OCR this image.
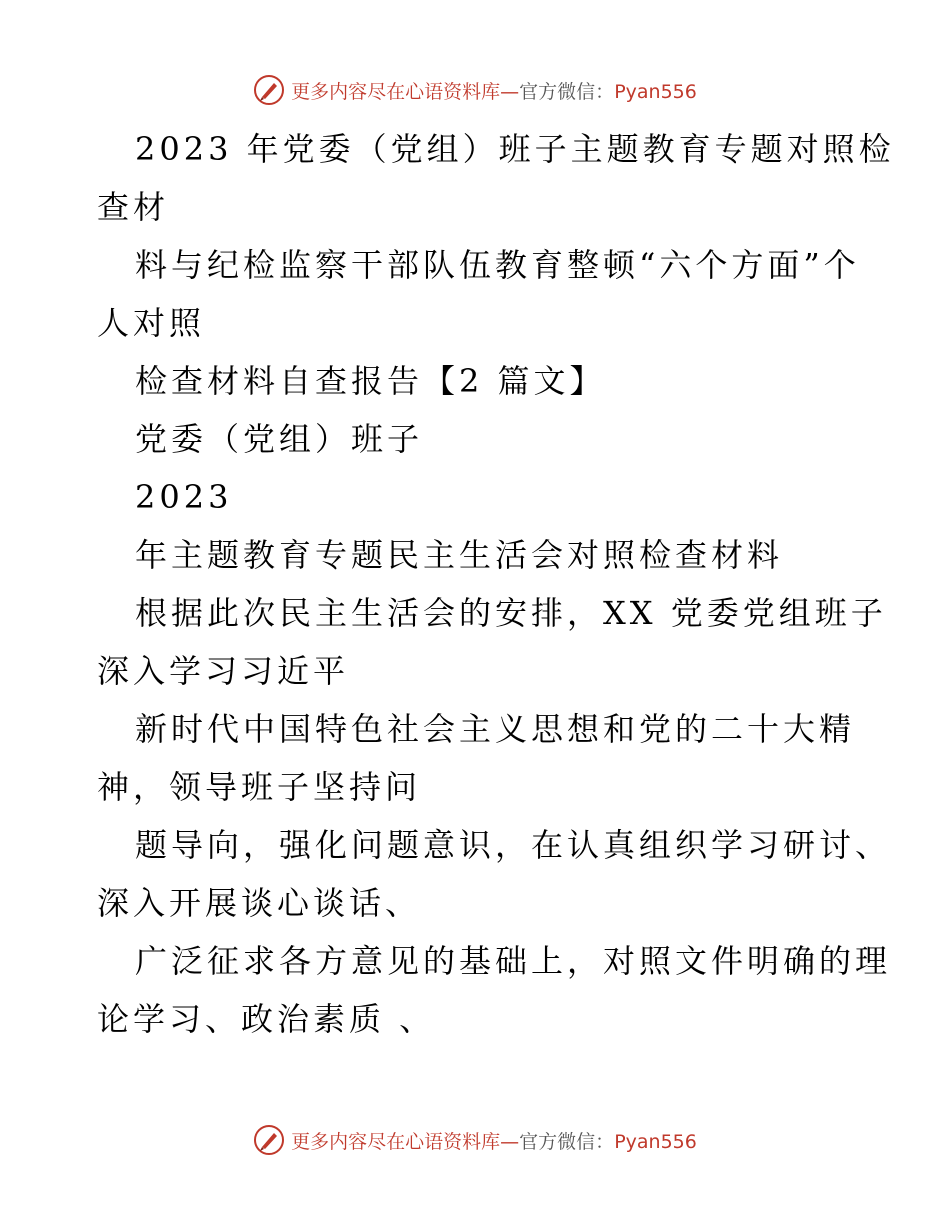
更多内容尽在心语资料库—官方微信：Pyan556
2023 年党委（党组）班子主题教育专题对照检
查材
料与纪检监察干部队伍教育整顿“六个方面”个
人对照
检查材料自查报告【2 篇文】
党委（党组）班子
2023
年主题教育专题民主生活会对照检查材料
根据此次民主生活会的安排，XX 党委党组班子
深入学习习近平
新时代中国特色社会主义思想和党的二十大精
神，领导班子坚持问
题导向，强化问题意识，在认真组织学习研讨、
深入开展谈心谈话、
广泛征求各方意见的基础上，对照文件明确的理
论学习、政治素质 、
更多内容尽在心语资料库—官方微信：Pyan556
